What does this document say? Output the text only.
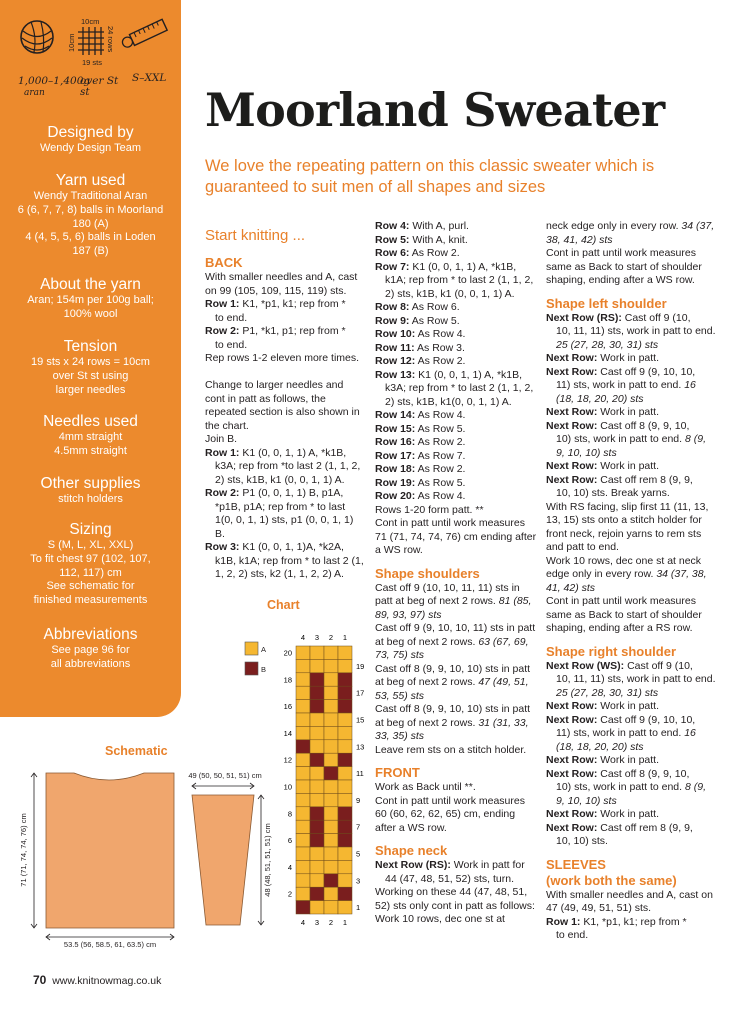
10cm
19 sts
10cm	24 rows
1,000–1,400g
aran
over St st
S–XXL
Designed by
Wendy Design Team
Yarn used
Wendy Traditional Aran
6 (6, 7, 7, 8) balls in Moorland
180 (A)
4 (4, 5, 5, 6) balls in Loden
187 (B)
About the yarn
Aran; 154m per 100g ball;
100% wool
Tension
19 sts x 24 rows = 10cm
over St st using
larger needles
Needles used
4mm straight
4.5mm straight
Other supplies
stitch holders
Sizing
S (M, L, XL, XXL)
To fit chest 97 (102, 107,
112, 117) cm
See schematic for
finished measurements
Abbreviations
See page 96 for
all abbreviations
Moorland Sweater
We love the repeating pattern on this classic sweater which is guaranteed to suit men of all shapes and sizes
Start knitting ...

BACK

With smaller needles and A, cast on 99 (105, 109, 115, 119) sts.

Row 1: K1, *p1, k1; rep from *

to end.

Row 2: P1, *k1, p1; rep from *

to end.

Rep rows 1-2 eleven more times.

Change to larger needles and cont in patt as follows, the repeated section is also shown in the chart.

Join B.

Row 1: K1 (0, 0, 1, 1) A, *k1B,

k3A; rep from *to last 2 (1, 1, 2, 2) sts, k1B, k1 (0, 0, 1, 1) A.

Row 2: P1 (0, 0, 1, 1) B, p1A,

*p1B, p1A; rep from * to last 1(0, 0, 1, 1) sts, p1 (0, 0, 1, 1) B.

Row 3: K1 (0, 0, 1, 1)A, *k2A,

k1B, k1A; rep from * to last 2 (1, 1, 2, 2) sts, k2 (1, 1, 2, 2) A.

Row 4: With A, purl.

Row 5: With A, knit.

Row 6: As Row 2.

Row 7: K1 (0, 0, 1, 1) A, *k1B,

k1A; rep from * to last 2 (1, 1, 2, 2) sts, k1B, k1 (0, 0, 1, 1) A.

Row 8: As Row 6.

Row 9: As Row 5.

Row 10: As Row 4.

Row 11: As Row 3.

Row 12: As Row 2.

Row 13: K1 (0, 0, 1, 1) A, *k1B,

k3A; rep from * to last 2 (1, 1, 2, 2) sts, k1B, k1(0, 0, 1, 1) A.

Row 14: As Row 4.

Row 15: As Row 5.

Row 16: As Row 2.

Row 17: As Row 7.

Row 18: As Row 2.

Row 19: As Row 5.

Row 20: As Row 4.

Rows 1-20 form patt. **

Cont in patt until work measures 71 (71, 74, 74, 76) cm ending after a WS row.

Shape shoulders

Cast off 9 (10, 10, 11, 11) sts in patt at beg of next 2 rows. 81 (85, 89, 93, 97) sts

Cast off 9 (9, 10, 10, 11) sts in patt at beg of next 2 rows. 63 (67, 69, 73, 75) sts

Cast off 8 (9, 9, 10, 10) sts in patt at beg of next 2 rows. 47 (49, 51, 53, 55) sts

Cast off 8 (9, 9, 10, 10) sts in patt at beg of next 2 rows. 31 (31, 33, 33, 35) sts

Leave rem sts on a stitch holder.

FRONT

Work as Back until **.

Cont in patt until work measures 60 (60, 62, 62, 65) cm, ending after a WS row.

Shape neck

Next Row (RS): Work in patt for

44 (47, 48, 51, 52) sts, turn.

Working on these 44 (47, 48, 51, 52) sts only cont in patt as follows:

Work 10 rows, dec one st at

neck edge only in every row. 34 (37, 38, 41, 42) sts

Cont in patt until work measures same as Back to start of shoulder shaping, ending after a WS row.

Shape left shoulder

Next Row (RS): Cast off 9 (10,

10, 11, 11) sts, work in patt to end. 25 (27, 28, 30, 31) sts

Next Row: Work in patt.

Next Row: Cast off 9 (9, 10, 10,

11) sts, work in patt to end. 16 (18, 18, 20, 20) sts

Next Row: Work in patt.

Next Row: Cast off 8 (9, 9, 10,

10) sts, work in patt to end. 8 (9, 9, 10, 10) sts

Next Row: Work in patt.

Next Row: Cast off rem 8 (9, 9,

10, 10) sts. Break yarns.

With RS facing, slip first 11 (11, 13, 13, 15) sts onto a stitch holder for front neck, rejoin yarns to rem sts and patt to end.

Work 10 rows, dec one st at neck edge only in every row. 34 (37, 38, 41, 42) sts

Cont in patt until work measures same as Back to start of shoulder shaping, ending after a RS row.

Shape right shoulder

Next Row (WS): Cast off 9 (10,

10, 11, 11) sts, work in patt to end. 25 (27, 28, 30, 31) sts

Next Row: Work in patt.

Next Row: Cast off 9 (9, 10, 10,

11) sts, work in patt to end. 16 (18, 18, 20, 20) sts

Next Row: Work in patt.

Next Row: Cast off 8 (9, 9, 10,

10) sts, work in patt to end. 8 (9, 9, 10, 10) sts

Next Row: Work in patt.

Next Row: Cast off rem 8 (9, 9,

10, 10) sts.

SLEEVES
(work both the same)

With smaller needles and A, cast on 47 (49, 49, 51, 51) sts.

Row 1: K1, *p1, k1; rep from *

to end.

Chart
A
B
4 3 2 1
4 3 2 1
20
18
16
14
12
10
8
6
4
2
19
17
15
13
11
9
7
5
3
1
Schematic
71 (71, 74, 74, 76) cm
53.5 (56, 58.5, 61, 63.5) cm
49 (50, 50, 51, 51) cm
48 (48, 51, 51, 51) cm
70 www.knitnowmag.co.uk
